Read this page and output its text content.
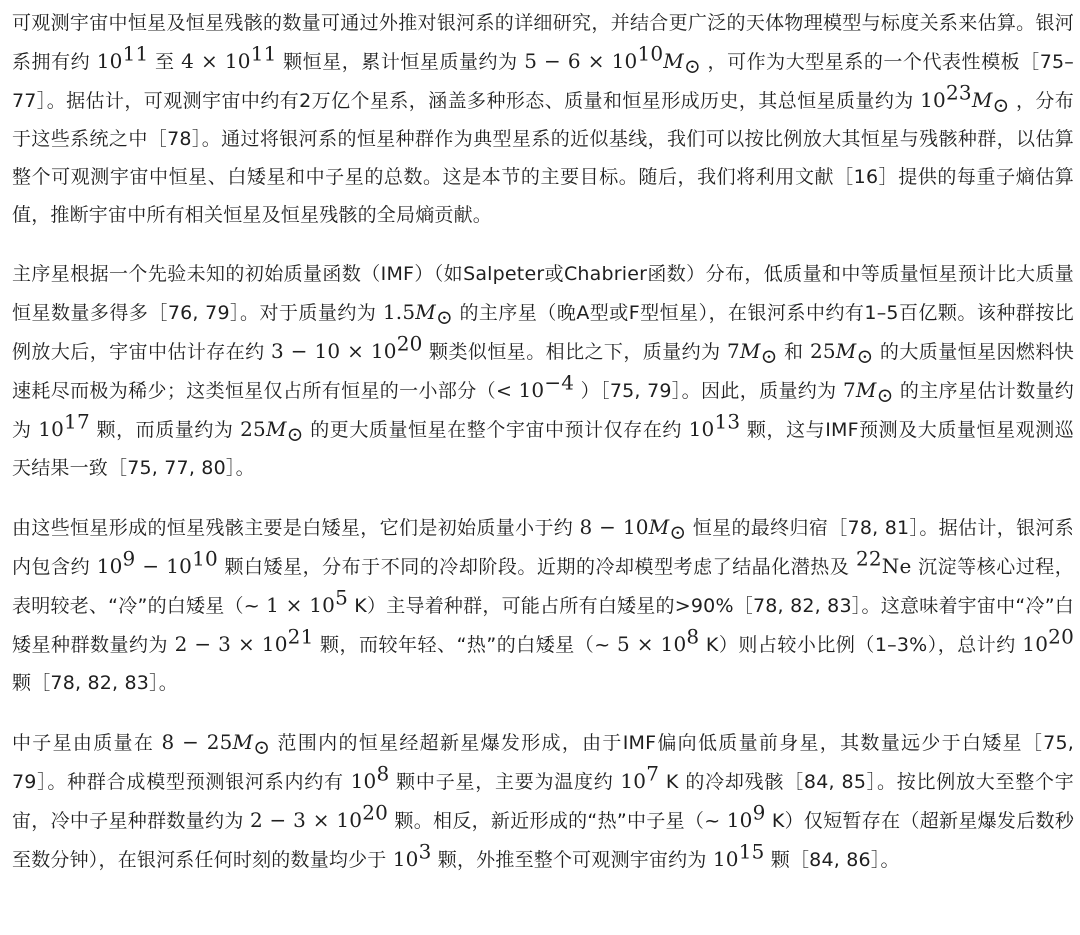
可观测宇宙中恒星及恒星残骸的数量可通过外推对银河系的详细研究，并结合更广泛的天体物理模型与标度关系来估算。银河系拥有约 $10^{11}$ 至 $4 \times 10^{11}$ 颗恒星，累计恒星质量约为 $5 - 6 \times 10^{10}M_⊙$ ，可作为大型星系的一个代表性模板［75–77］。据估计，可观测宇宙中约有2万亿个星系，涵盖多种形态、质量和恒星形成历史，其总恒星质量约为 $10^{23}M_⊙$ ，分布于这些系统之中［78］。通过将银河系的恒星种群作为典型星系的近似基线，我们可以按比例放大其恒星与残骸种群，以估算整个可观测宇宙中恒星、白矮星和中子星的总数。这是本节的主要目标。随后，我们将利用文献［16］提供的每重子熵估算值，推断宇宙中所有相关恒星及恒星残骸的全局熵贡献。

主序星根据一个先验未知的初始质量函数（IMF）（如Salpeter或Chabrier函数）分布，低质量和中等质量恒星预计比大质量恒星数量多得多［76, 79］。对于质量约为 $1.5M_⊙$ 的主序星（晚A型或F型恒星），在银河系中约有1–5百亿颗。该种群按比例放大后，宇宙中估计存在约 $3 - 10 \times 10^{20}$ 颗类似恒星。相比之下，质量约为 $7M_⊙$ 和 $25M_⊙$ 的大质量恒星因燃料快速耗尽而极为稀少；这类恒星仅占所有恒星的一小部分（< $10^{-4}$ ）［75, 79］。因此，质量约为 $7M_⊙$ 的主序星估计数量约为 $10^{17}$ 颗，而质量约为 $25M_⊙$ 的更大质量恒星在整个宇宙中预计仅存在约 $10^{13}$ 颗，这与IMF预测及大质量恒星观测巡天结果一致［75, 77, 80］。

由这些恒星形成的恒星残骸主要是白矮星，它们是初始质量小于约 $8 - 10M_⊙$ 恒星的最终归宿［78, 81］。据估计，银河系内包含约 $10^9 - 10^{10}$ 颗白矮星，分布于不同的冷却阶段。近期的冷却模型考虑了结晶化潜热及 $^{22}$Ne 沉淀等核心过程，表明较老、“冷”的白矮星（~ $1 \times 10^5$ K）主导着种群，可能占所有白矮星的>90%［78, 82, 83］。这意味着宇宙中“冷”白矮星种群数量约为 $2 - 3 \times 10^{21}$ 颗，而较年轻、“热”的白矮星（~ $5 \times 10^8$ K）则占较小比例（1–3%），总计约 $10^{20}$ 颗［78, 82, 83］。

中子星由质量在 $8 - 25M_⊙$ 范围内的恒星经超新星爆发形成，由于IMF偏向低质量前身星，其数量远少于白矮星［75, 79］。种群合成模型预测银河系内约有 $10^8$ 颗中子星，主要为温度约 $10^7$ K 的冷却残骸［84, 85］。按比例放大至整个宇宙，冷中子星种群数量约为 $2 - 3 \times 10^{20}$ 颗。相反，新近形成的“热”中子星（~ $10^9$ K）仅短暂存在（超新星爆发后数秒至数分钟），在银河系任何时刻的数量均少于 $10^3$ 颗，外推至整个可观测宇宙约为 $10^{15}$ 颗［84, 86］。
